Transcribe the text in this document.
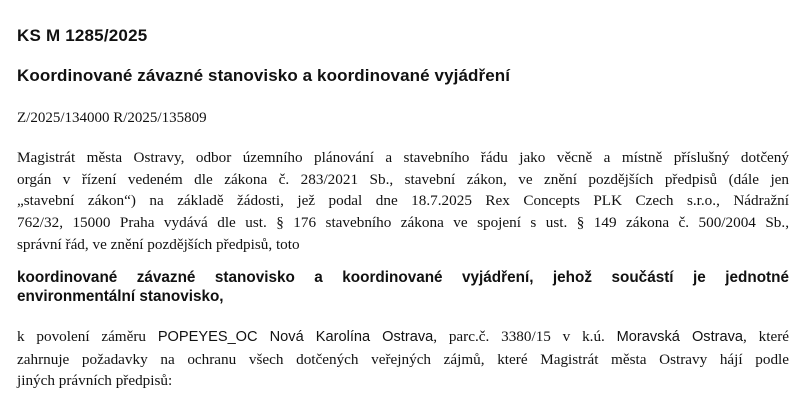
KS M 1285/2025
Koordinované závazné stanovisko a koordinované vyjádření
Z/2025/134000 R/2025/135809
Magistrát města Ostravy, odbor územního plánování a stavebního řádu jako věcně a místně příslušný dotčený
orgán v řízení vedeném dle zákona č. 283/2021 Sb., stavební zákon, ve znění pozdějších předpisů (dále jen
„stavební zákon“) na základě žádosti, jež podal dne 18.7.2025 Rex Concepts PLK Czech s.r.o., Nádražní
762/32, 15000 Praha vydává dle ust. § 176 stavebního zákona ve spojení s ust. § 149 zákona č. 500/2004 Sb.,
správní řád, ve znění pozdějších předpisů, toto
koordinované závazné stanovisko a koordinované vyjádření, jehož součástí je jednotné
environmentální stanovisko,
k povolení záměru POPEYES_OC Nová Karolína Ostrava, parc.č. 3380/15 v k.ú. Moravská Ostrava, které
zahrnuje požadavky na ochranu všech dotčených veřejných zájmů, které Magistrát města Ostravy hájí podle
jiných právních předpisů:
